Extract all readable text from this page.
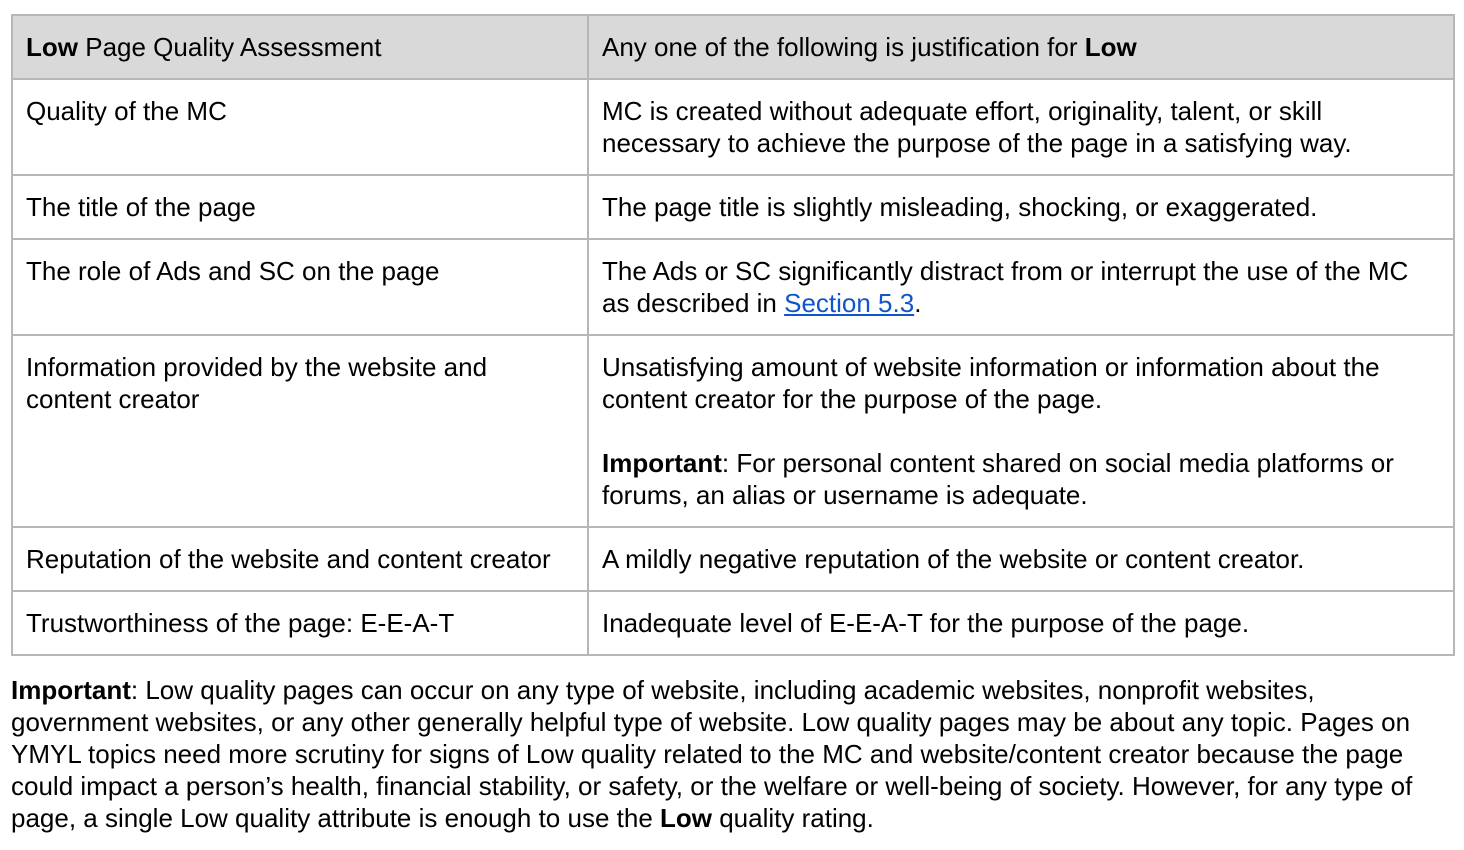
Low Page Quality Assessment	Any one of the following is justification for Low
Quality of the MC	MC is created without adequate effort, originality, talent, or skill necessary to achieve the purpose of the page in a satisfying way.
The title of the page	The page title is slightly misleading, shocking, or exaggerated.
The role of Ads and SC on the page	The Ads or SC significantly distract from or interrupt the use of the MC as described in Section 5.3.
Information provided by the website and content creator	Unsatisfying amount of website information or information about the content creator for the purpose of the page.
Important: For personal content shared on social media platforms or forums, an alias or username is adequate.

Reputation of the website and content creator	A mildly negative reputation of the website or content creator.
Trustworthiness of the page: E-E-A-T	Inadequate level of E-E-A-T for the purpose of the page.

Important: Low quality pages can occur on any type of website, including academic websites, nonprofit websites, government websites, or any other generally helpful type of website. Low quality pages may be about any topic. Pages on YMYL topics need more scrutiny for signs of Low quality related to the MC and website/content creator because the page could impact a person’s health, financial stability, or safety, or the welfare or well-being of society. However, for any type of page, a single Low quality attribute is enough to use the Low quality rating.
